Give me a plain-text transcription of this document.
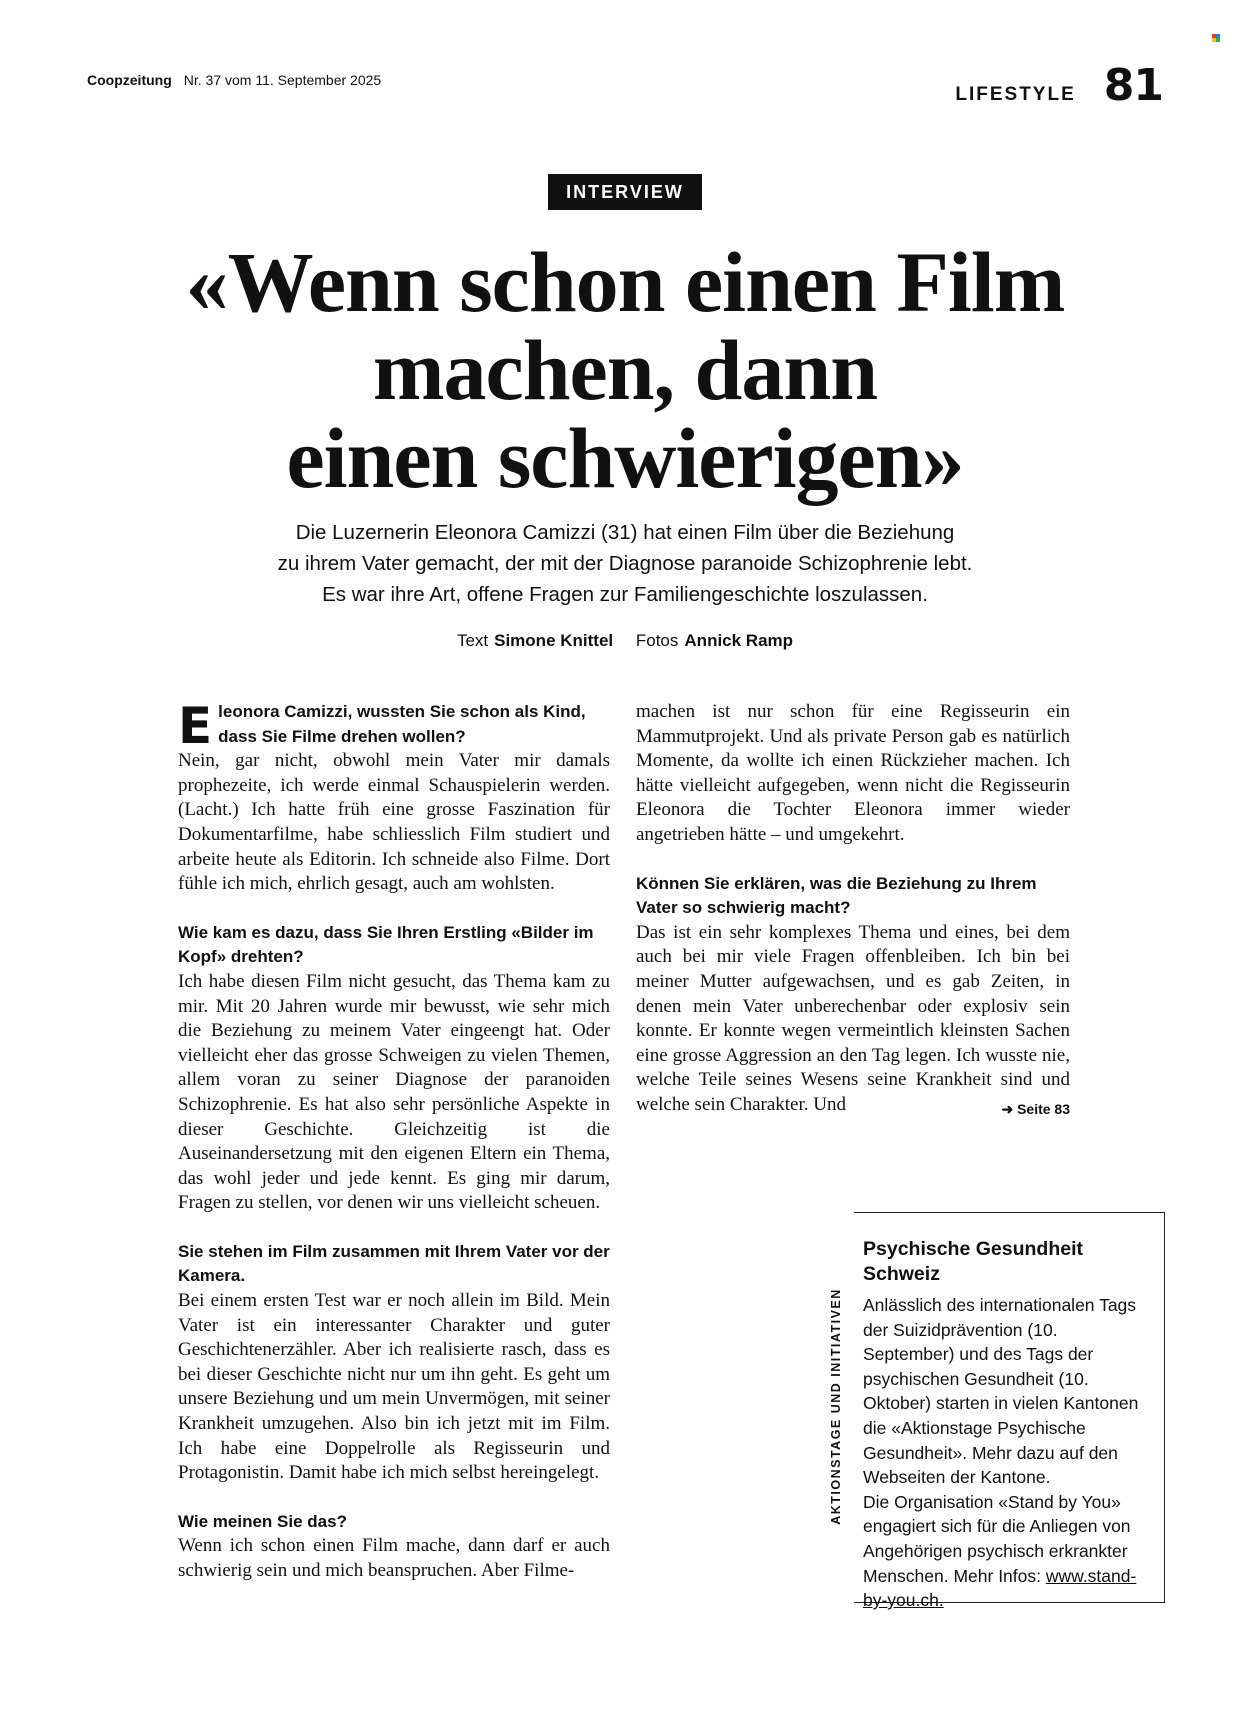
Coopzeitung Nr. 37 vom 11. September 2025
LIFESTYLE 81
INTERVIEW
«Wenn schon einen Film
machen, dann
einen schwierigen»
Die Luzernerin Eleonora Camizzi (31) hat einen Film über die Beziehung
zu ihrem Vater gemacht, der mit der Diagnose paranoide Schizophrenie lebt.
Es war ihre Art, offene Fragen zur Familiengeschichte loszulassen.
Text Simone Knittel Fotos Annick Ramp

E leonora Camizzi, wussten Sie schon als Kind, dass Sie Filme drehen wollen?
Nein, gar nicht, obwohl mein Vater mir damals prophezeite, ich werde einmal Schauspielerin werden. (Lacht.) Ich hatte früh eine grosse Faszination für Dokumentarfilme, habe schliesslich Film studiert und arbeite heute als Editorin. Ich schneide also Filme. Dort fühle ich mich, ehrlich gesagt, auch am wohlsten.

Wie kam es dazu, dass Sie Ihren Erstling «Bilder im Kopf» drehten?
Ich habe diesen Film nicht gesucht, das Thema kam zu mir. Mit 20 Jahren wurde mir bewusst, wie sehr mich die Beziehung zu meinem Vater eingeengt hat. Oder vielleicht eher das grosse Schweigen zu vielen Themen, allem voran zu seiner Diagnose der paranoiden Schizophrenie. Es hat also sehr persönliche Aspekte in dieser Geschichte. Gleichzeitig ist die Auseinandersetzung mit den eigenen Eltern ein Thema, das wohl jeder und jede kennt. Es ging mir darum, Fragen zu stellen, vor denen wir uns vielleicht scheuen.

Sie stehen im Film zusammen mit Ihrem Vater vor der Kamera.
Bei einem ersten Test war er noch allein im Bild. Mein Vater ist ein interessanter Charakter und guter Geschichtenerzähler. Aber ich realisierte rasch, dass es bei dieser Geschichte nicht nur um ihn geht. Es geht um unsere Beziehung und um mein Unvermögen, mit seiner Krankheit umzugehen. Also bin ich jetzt mit im Film. Ich habe eine Doppelrolle als Regisseurin und Protagonistin. Damit habe ich mich selbst hereingelegt.

Wie meinen Sie das?
Wenn ich schon einen Film mache, dann darf er auch schwierig sein und mich beanspruchen. Aber Filme-

machen ist nur schon für eine Regisseurin ein Mammutprojekt. Und als private Person gab es natürlich Momente, da wollte ich einen Rückzieher machen. Ich hätte vielleicht aufgegeben, wenn nicht die Regisseurin Eleonora die Tochter Eleonora immer wieder angetrieben hätte – und umgekehrt.

Können Sie erklären, was die Beziehung zu Ihrem Vater so schwierig macht?
Das ist ein sehr komplexes Thema und eines, bei dem auch bei mir viele Fragen offenbleiben. Ich bin bei meiner Mutter aufgewachsen, und es gab Zeiten, in denen mein Vater unberechenbar oder explosiv sein konnte. Er konnte wegen vermeintlich kleinsten Sachen eine grosse Aggression an den Tag legen. Ich wusste nie, welche Teile seines Wesens seine Krankheit sind und welche sein Charakter. Und	➜ Seite 83

Psychische Gesundheit Schweiz
Anlässlich des internationalen Tags der Suizidprävention (10. September) und des Tags der psychischen Gesundheit (10. Oktober) starten in vielen Kantonen die «Aktionstage Psychische Gesundheit». Mehr dazu auf den Webseiten der Kantone.
Die Organisation «Stand by You» engagiert sich für die Anliegen von Angehörigen psychisch erkrankter Menschen. Mehr Infos: www.stand-by-you.ch.
AKTIONSTAGE UND INITIATIVEN
